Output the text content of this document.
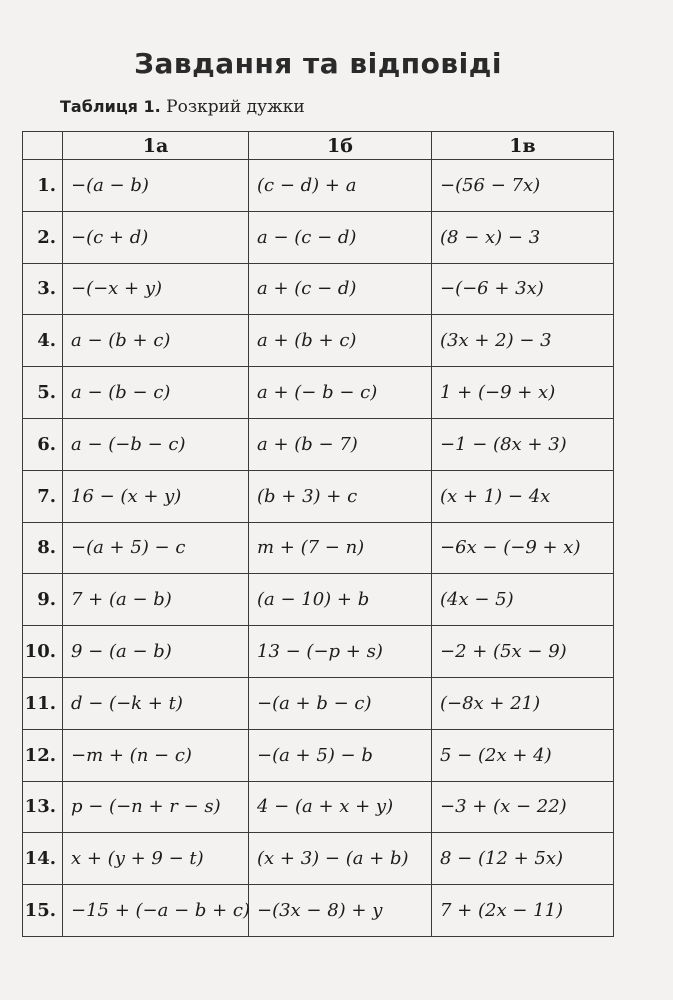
Завдання та відповіді
Таблиця 1. Розкрий дужки
	1а	1б	1в
1.	−(a − b)	(c − d) + a	−(56 − 7x)
2.	−(c + d)	a − (c − d)	(8 − x) − 3
3.	−(−x + y)	a + (c − d)	−(−6 + 3x)
4.	a − (b + c)	a + (b + c)	(3x + 2) − 3
5.	a − (b − c)	a + (− b − c)	1 + (−9 + x)
6.	a − (−b − c)	a + (b − 7)	−1 − (8x + 3)
7.	16 − (x + y)	(b + 3) + c	(x + 1) − 4x
8.	−(a + 5) − c	m + (7 − n)	−6x − (−9 + x)
9.	7 + (a − b)	(a − 10) + b	(4x − 5)
10.	9 − (a − b)	13 − (−p + s)	−2 + (5x − 9)
11.	d − (−k + t)	−(a + b − c)	(−8x + 21)
12.	−m + (n − c)	−(a + 5) − b	5 − (2x + 4)
13.	p − (−n + r − s)	4 − (a + x + y)	−3 + (x − 22)
14.	x + (y + 9 − t)	(x + 3) − (a + b)	8 − (12 + 5x)
15.	−15 + (−a − b + c)	−(3x − 8) + y	7 + (2x − 11)
